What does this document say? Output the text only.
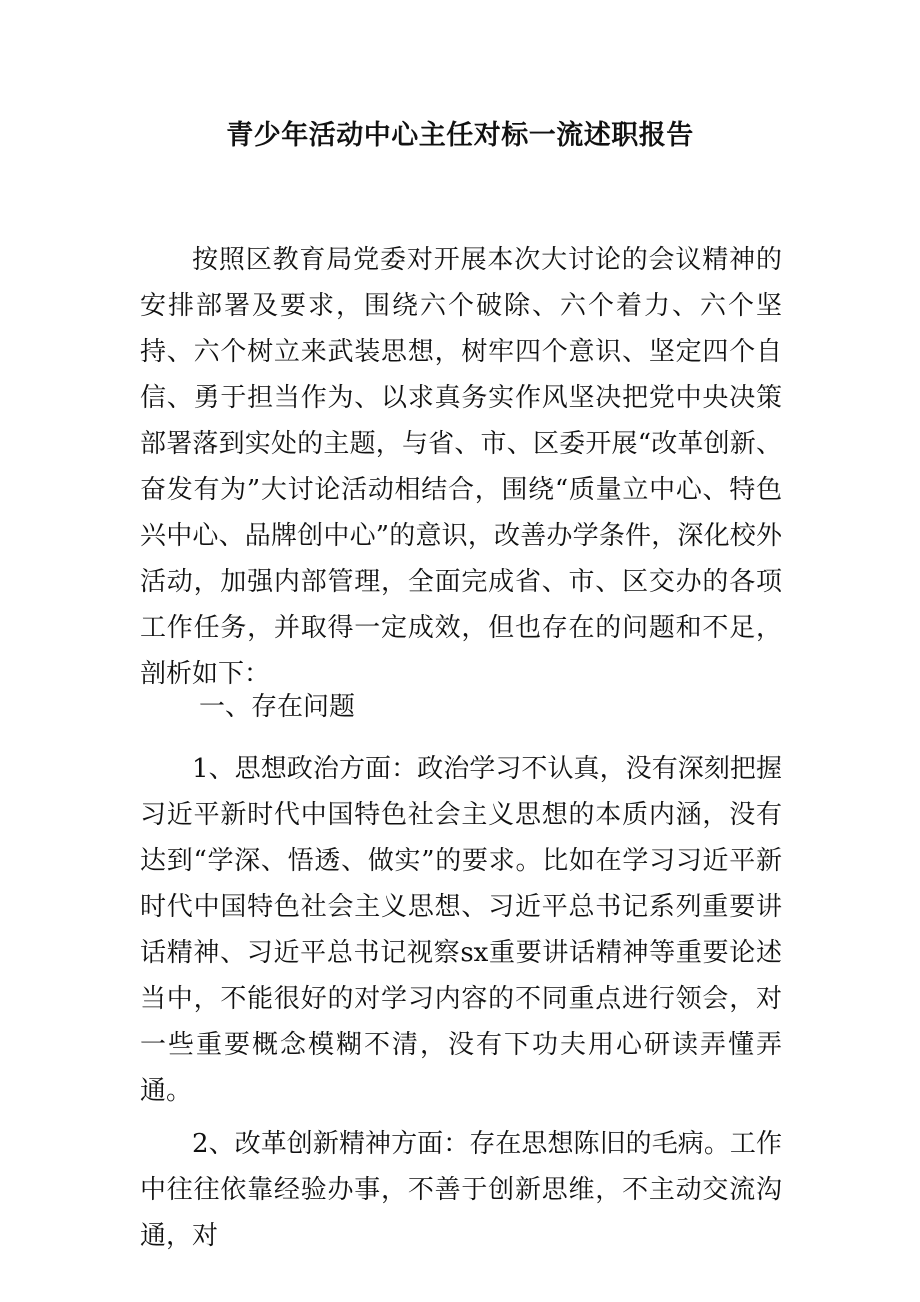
青少年活动中心主任对标一流述职报告

按照区教育局党委对开展本次大讨论的会议精神的安排部署及要求，围绕六个破除、六个着力、六个坚持、六个树立来武装思想，树牢四个意识、坚定四个自信、勇于担当作为、以求真务实作风坚决把党中央决策部署落到实处的主题，与省、市、区委开展“改革创新、奋发有为”大讨论活动相结合，围绕“质量立中心、特色兴中心、品牌创中心”的意识，改善办学条件，深化校外活动，加强内部管理，全面完成省、市、区交办的各项工作任务，并取得一定成效，但也存在的问题和不足，剖析如下：

一、存在问题

1、思想政治方面：政治学习不认真，没有深刻把握习近平新时代中国特色社会主义思想的本质内涵，没有达到“学深、悟透、做实”的要求。比如在学习习近平新时代中国特色社会主义思想、习近平总书记系列重要讲话精神、习近平总书记视察sx重要讲话精神等重要论述当中，不能很好的对学习内容的不同重点进行领会，对一些重要概念模糊不清，没有下功夫用心研读弄懂弄通。

2、改革创新精神方面：存在思想陈旧的毛病。工作中往往依靠经验办事，不善于创新思维，不主动交流沟通，对
